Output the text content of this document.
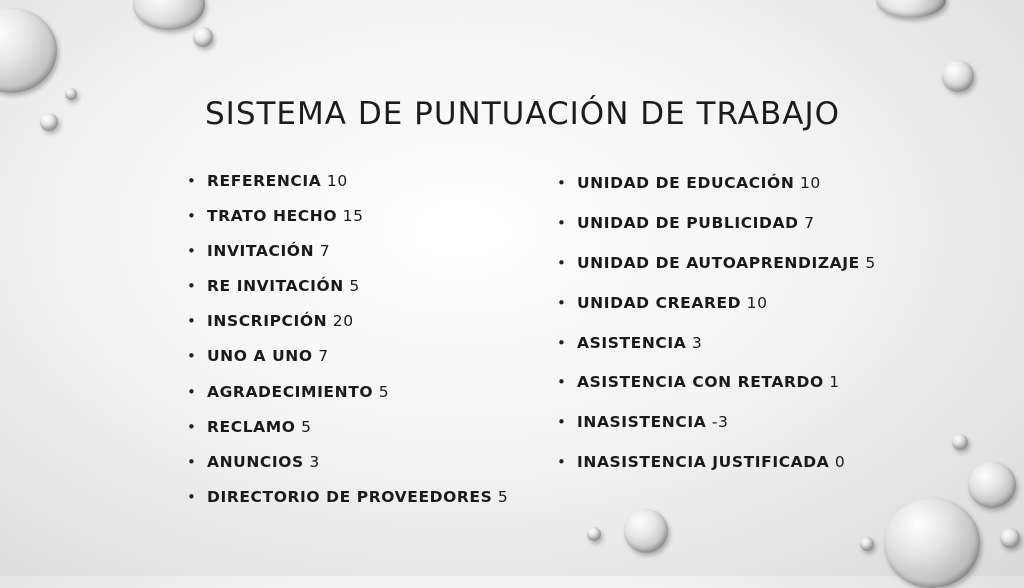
SISTEMA DE PUNTUACIÓN DE TRABAJO
• REFERENCIA 10
• TRATO HECHO 15
• INVITACIÓN 7
• RE INVITACIÓN 5
• INSCRIPCIÓN 20
• UNO A UNO 7
• AGRADECIMIENTO 5
• RECLAMO 5
• ANUNCIOS 3
• DIRECTORIO DE PROVEEDORES 5
• UNIDAD DE EDUCACIÓN 10
• UNIDAD DE PUBLICIDAD 7
• UNIDAD DE AUTOAPRENDIZAJE 5
• UNIDAD CREARED 10
• ASISTENCIA 3
• ASISTENCIA CON RETARDO 1
• INASISTENCIA -3
• INASISTENCIA JUSTIFICADA 0
